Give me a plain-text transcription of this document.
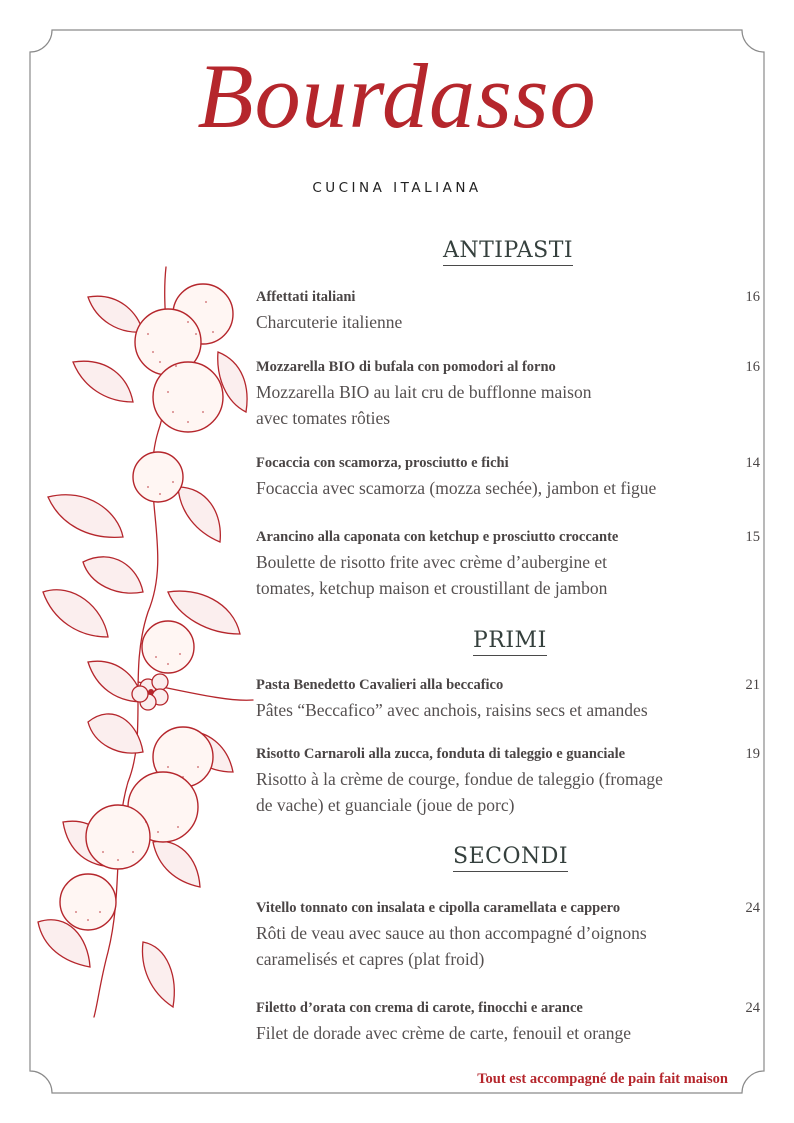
Bourdasso
CUCINA ITALIANA
ANTIPASTI
Affettati italiani	16
Charcuterie italienne
Mozzarella BIO di bufala con pomodori al forno	16
Mozzarella BIO au lait cru de bufflonne maison
avec tomates rôties
Focaccia con scamorza, prosciutto e fichi	14
Focaccia avec scamorza (mozza sechée), jambon et figue
Arancino alla caponata con ketchup e prosciutto croccante	15
Boulette de risotto frite avec crème d’aubergine et
tomates, ketchup maison et croustillant de jambon
PRIMI
Pasta Benedetto Cavalieri alla beccafico	21
Pâtes “Beccafico” avec anchois, raisins secs et amandes
Risotto Carnaroli alla zucca, fonduta di taleggio e guanciale	19
Risotto à la crème de courge, fondue de taleggio (fromage
de vache) et guanciale (joue de porc)
SECONDI
Vitello tonnato con insalata e cipolla caramellata e cappero	24
Rôti de veau avec sauce au thon accompagné d’oignons
caramelisés et capres (plat froid)
Filetto d’orata con crema di carote, finocchi e arance	24
Filet de dorade avec crème de carte, fenouil et orange
Tout est accompagné de pain fait maison
